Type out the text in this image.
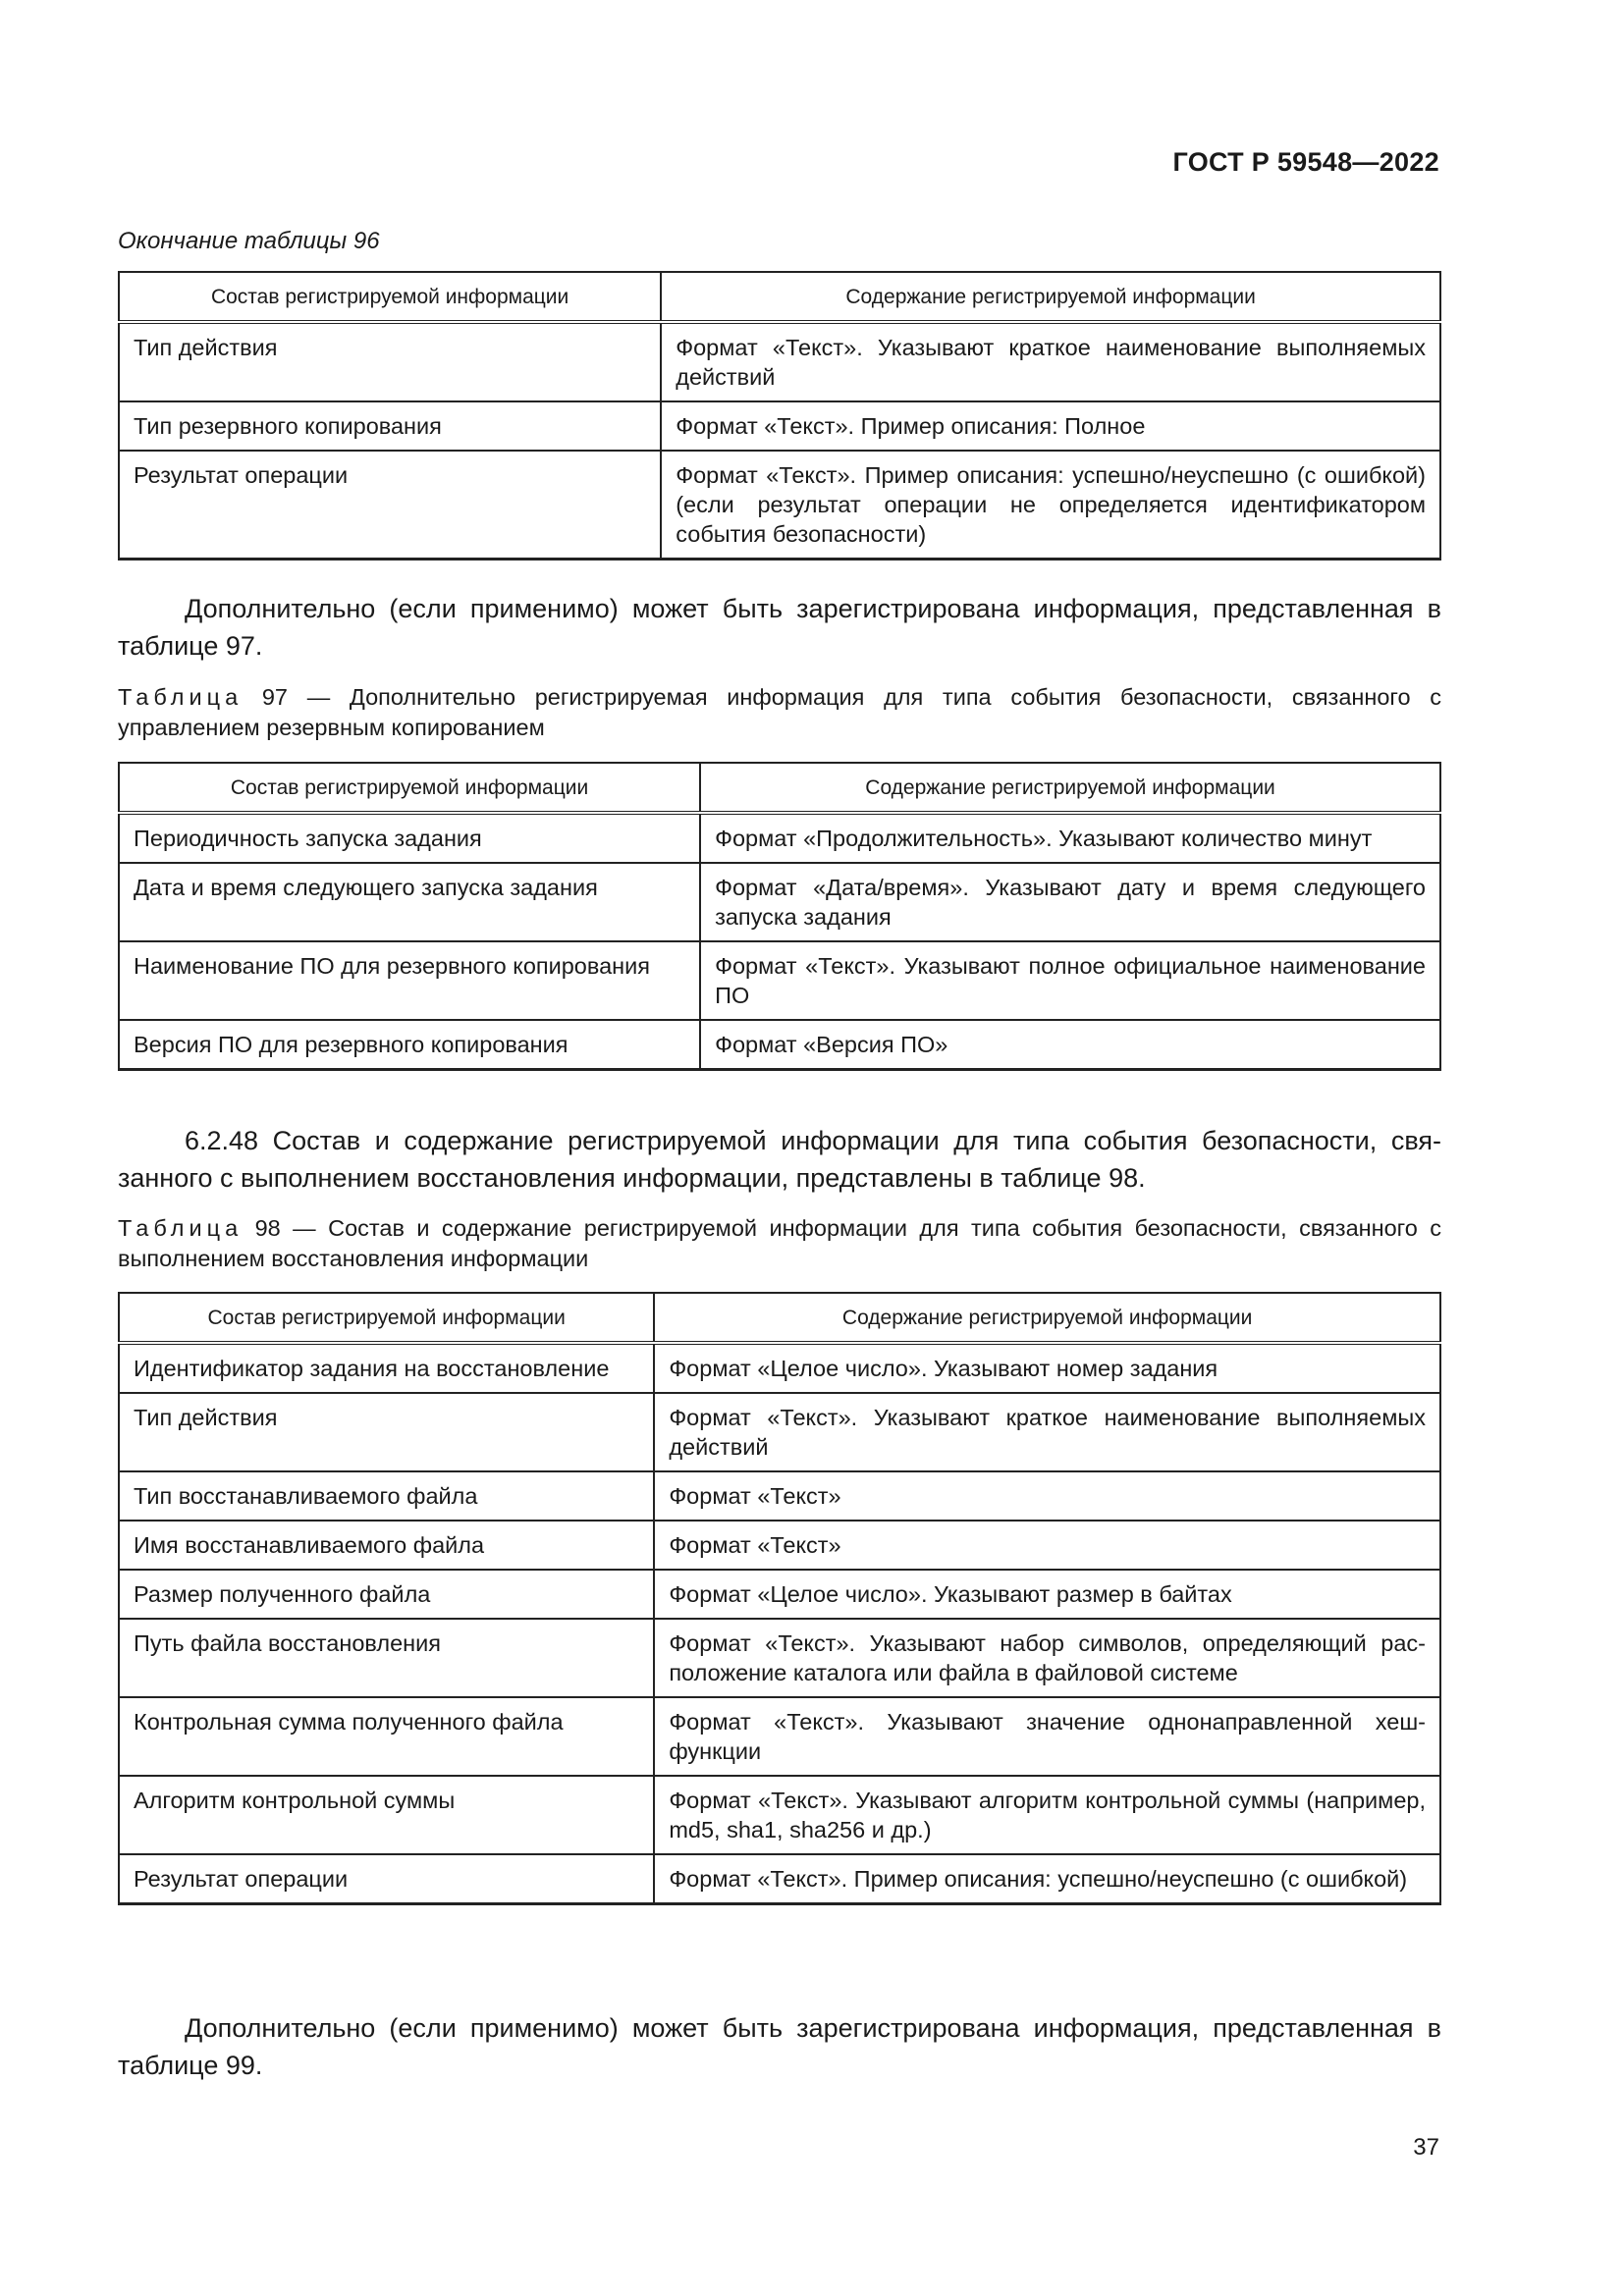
ГОСТ Р 59548—2022
Окончание таблицы 96
Состав регистрируемой информации	Содержание регистрируемой информации
Тип действия	Формат «Текст». Указывают краткое наименование выполняемых действий
Тип резервного копирования	Формат «Текст». Пример описания: Полное
Результат операции	Формат «Текст». Пример описания: успешно/неуспешно (с ошибкой) (если результат операции не определяется идентификатором события безопасности)
Дополнительно (если применимо) может быть зарегистрирована информация, представленная в таблице 97.
Таблица 97 — Дополнительно регистрируемая информация для типа события безопасности, связанного с управлением резервным копированием
Состав регистрируемой информации	Содержание регистрируемой информации
Периодичность запуска задания	Формат «Продолжительность». Указывают количество минут
Дата и время следующего запуска задания	Формат «Дата/время». Указывают дату и время следующего запуска задания
Наименование ПО для резервного копирования	Формат «Текст». Указывают полное официальное наименование ПО
Версия ПО для резервного копирования	Формат «Версия ПО»
6.2.48 Состав и содержание регистрируемой информации для типа события безопасности, связанного с выполнением восстановления информации, представлены в таблице 98.
Таблица 98 — Состав и содержание регистрируемой информации для типа события безопасности, связанного с выполнением восстановления информации
Состав регистрируемой информации	Содержание регистрируемой информации
Идентификатор задания на восстановление	Формат «Целое число». Указывают номер задания
Тип действия	Формат «Текст». Указывают краткое наименование выполняемых действий
Тип восстанавливаемого файла	Формат «Текст»
Имя восстанавливаемого файла	Формат «Текст»
Размер полученного файла	Формат «Целое число». Указывают размер в байтах
Путь файла восстановления	Формат «Текст». Указывают набор символов, определяющий расположение каталога или файла в файловой системе
Контрольная сумма полученного файла	Формат «Текст». Указывают значение однонаправленной хеш-функции
Алгоритм контрольной суммы	Формат «Текст». Указывают алгоритм контрольной суммы (например, md5, sha1, sha256 и др.)
Результат операции	Формат «Текст». Пример описания: успешно/неуспешно (с ошибкой)
Дополнительно (если применимо) может быть зарегистрирована информация, представленная в таблице 99.
37
